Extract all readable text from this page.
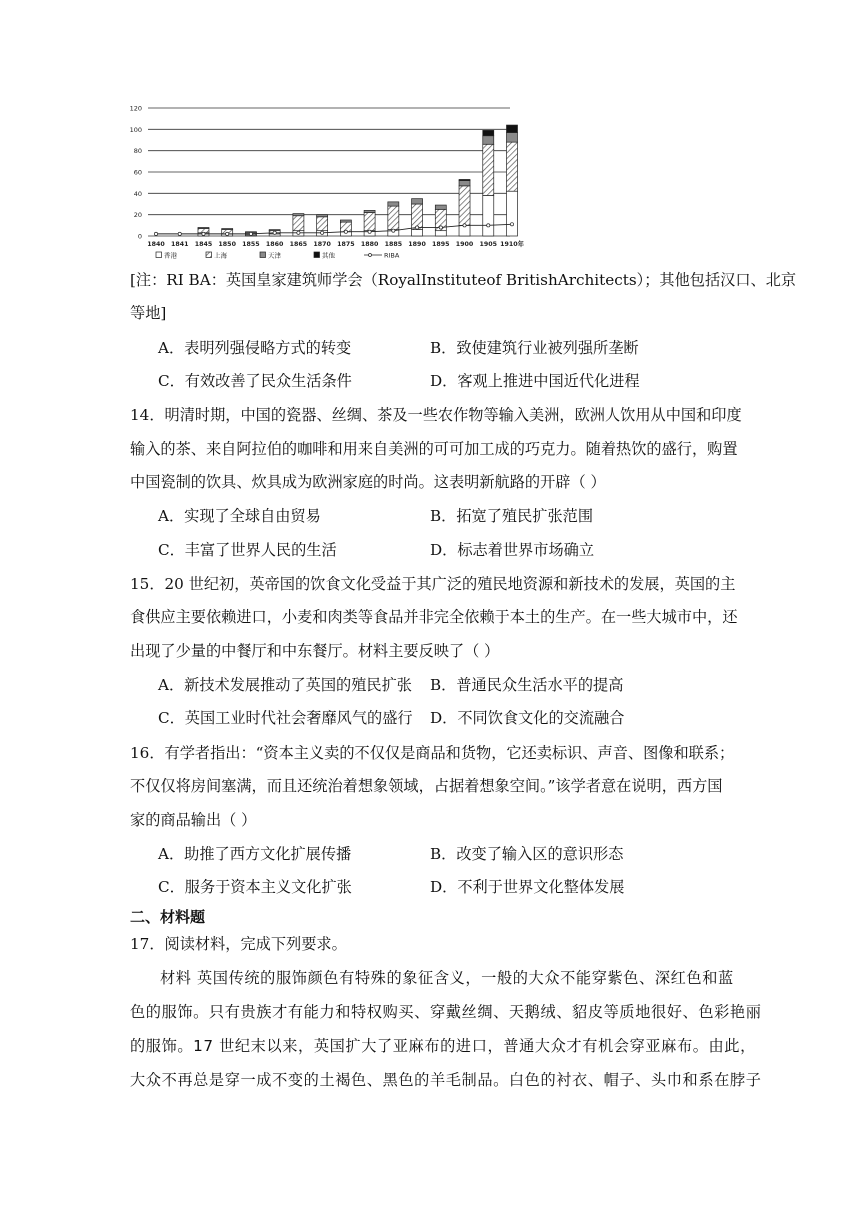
0
20
40
60
80
100
120
1840 1841 1845 1850 1855 1860 1865 1870 1875 1880 1885 1890 1895 1900 1905 1910年
香港	上海	天津	其他	RIBA
[注：RI BA：英国皇家建筑师学会（RoyalInstituteof BritishArchitects）；其他包括汉口、北京
等地]
A．表明列强侵略方式的转变	B．致使建筑行业被列强所垄断
C．有效改善了民众生活条件	D．客观上推进中国近代化进程
14．明清时期，中国的瓷器、丝绸、茶及一些农作物等输入美洲，欧洲人饮用从中国和印度
输入的茶、来自阿拉伯的咖啡和用来自美洲的可可加工成的巧克力。随着热饮的盛行，购置
中国瓷制的饮具、炊具成为欧洲家庭的时尚。这表明新航路的开辟（ ）
A．实现了全球自由贸易	B．拓宽了殖民扩张范围
C．丰富了世界人民的生活	D．标志着世界市场确立
15．20 世纪初，英帝国的饮食文化受益于其广泛的殖民地资源和新技术的发展，英国的主
食供应主要依赖进口，小麦和肉类等食品并非完全依赖于本土的生产。在一些大城市中，还
出现了少量的中餐厅和中东餐厅。材料主要反映了（ ）
A．新技术发展推动了英国的殖民扩张 B．普通民众生活水平的提高
C．英国工业时代社会奢靡风气的盛行 D．不同饮食文化的交流融合
16．有学者指出：“资本主义卖的不仅仅是商品和货物，它还卖标识、声音、图像和联系；
不仅仅将房间塞满，而且还统治着想象领域，占据着想象空间。”该学者意在说明，西方国
家的商品输出（ ）
A．助推了西方文化扩展传播	B．改变了输入区的意识形态
C．服务于资本主义文化扩张	D．不利于世界文化整体发展
二、材料题
17．阅读材料，完成下列要求。
材料 英国传统的服饰颜色有特殊的象征含义，一般的大众不能穿紫色、深红色和蓝
色的服饰。只有贵族才有能力和特权购买、穿戴丝绸、天鹅绒、貂皮等质地很好、色彩艳丽
的服饰。17 世纪末以来，英国扩大了亚麻布的进口，普通大众才有机会穿亚麻布。由此，
大众不再总是穿一成不变的土褐色、黑色的羊毛制品。白色的衬衣、帽子、头巾和系在脖子
